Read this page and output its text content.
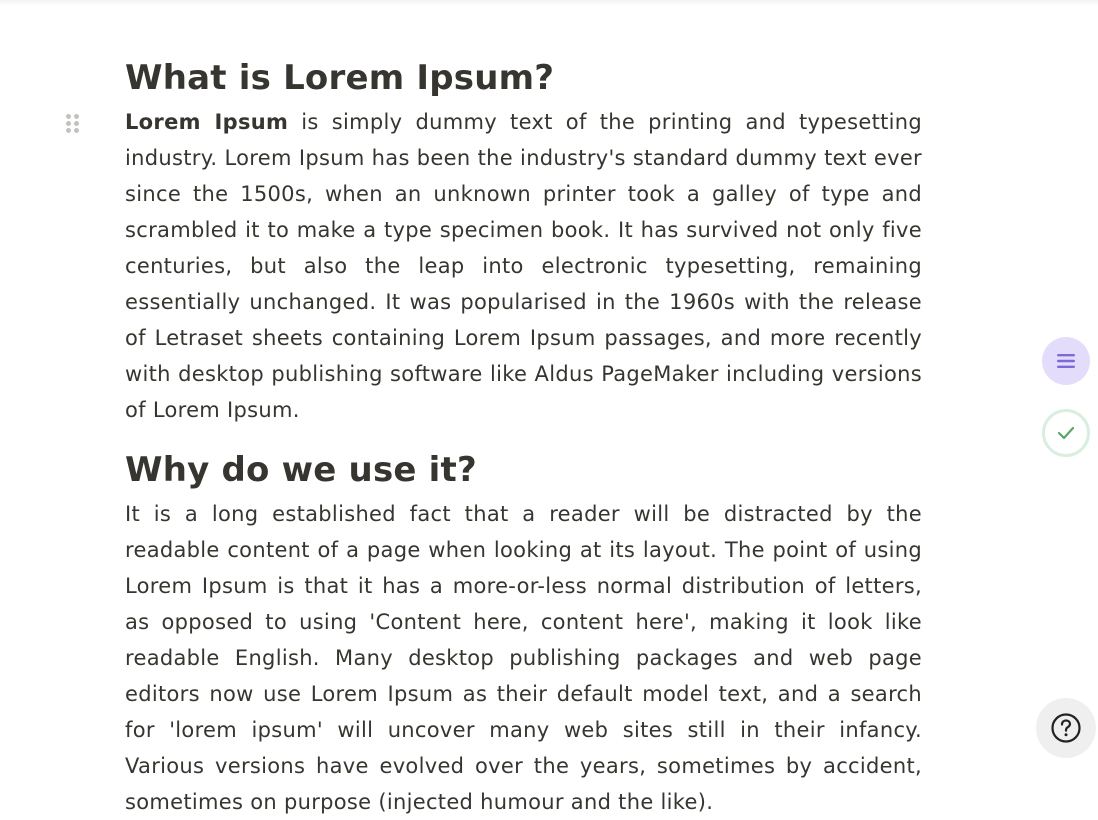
What is Lorem Ipsum?

Lorem Ipsum is simply dummy text of the printing and typesetting industry. Lorem Ipsum has been the industry's standard dummy text ever since the 1500s, when an unknown printer took a galley of type and scrambled it to make a type specimen book. It has survived not only five centuries, but also the leap into electronic typesetting, remaining essentially unchanged. It was popularised in the 1960s with the release of Letraset sheets containing Lorem Ipsum passages, and more recently with desktop publishing software like Aldus PageMaker including versions of Lorem Ipsum.

Why do we use it?

It is a long established fact that a reader will be distracted by the readable content of a page when looking at its layout. The point of using Lorem Ipsum is that it has a more-or-less normal distribution of letters, as opposed to using 'Content here, content here', making it look like readable English. Many desktop publishing packages and web page editors now use Lorem Ipsum as their default model text, and a search for 'lorem ipsum' will uncover many web sites still in their infancy. Various versions have evolved over the years, sometimes by accident, sometimes on purpose (injected humour and the like).
